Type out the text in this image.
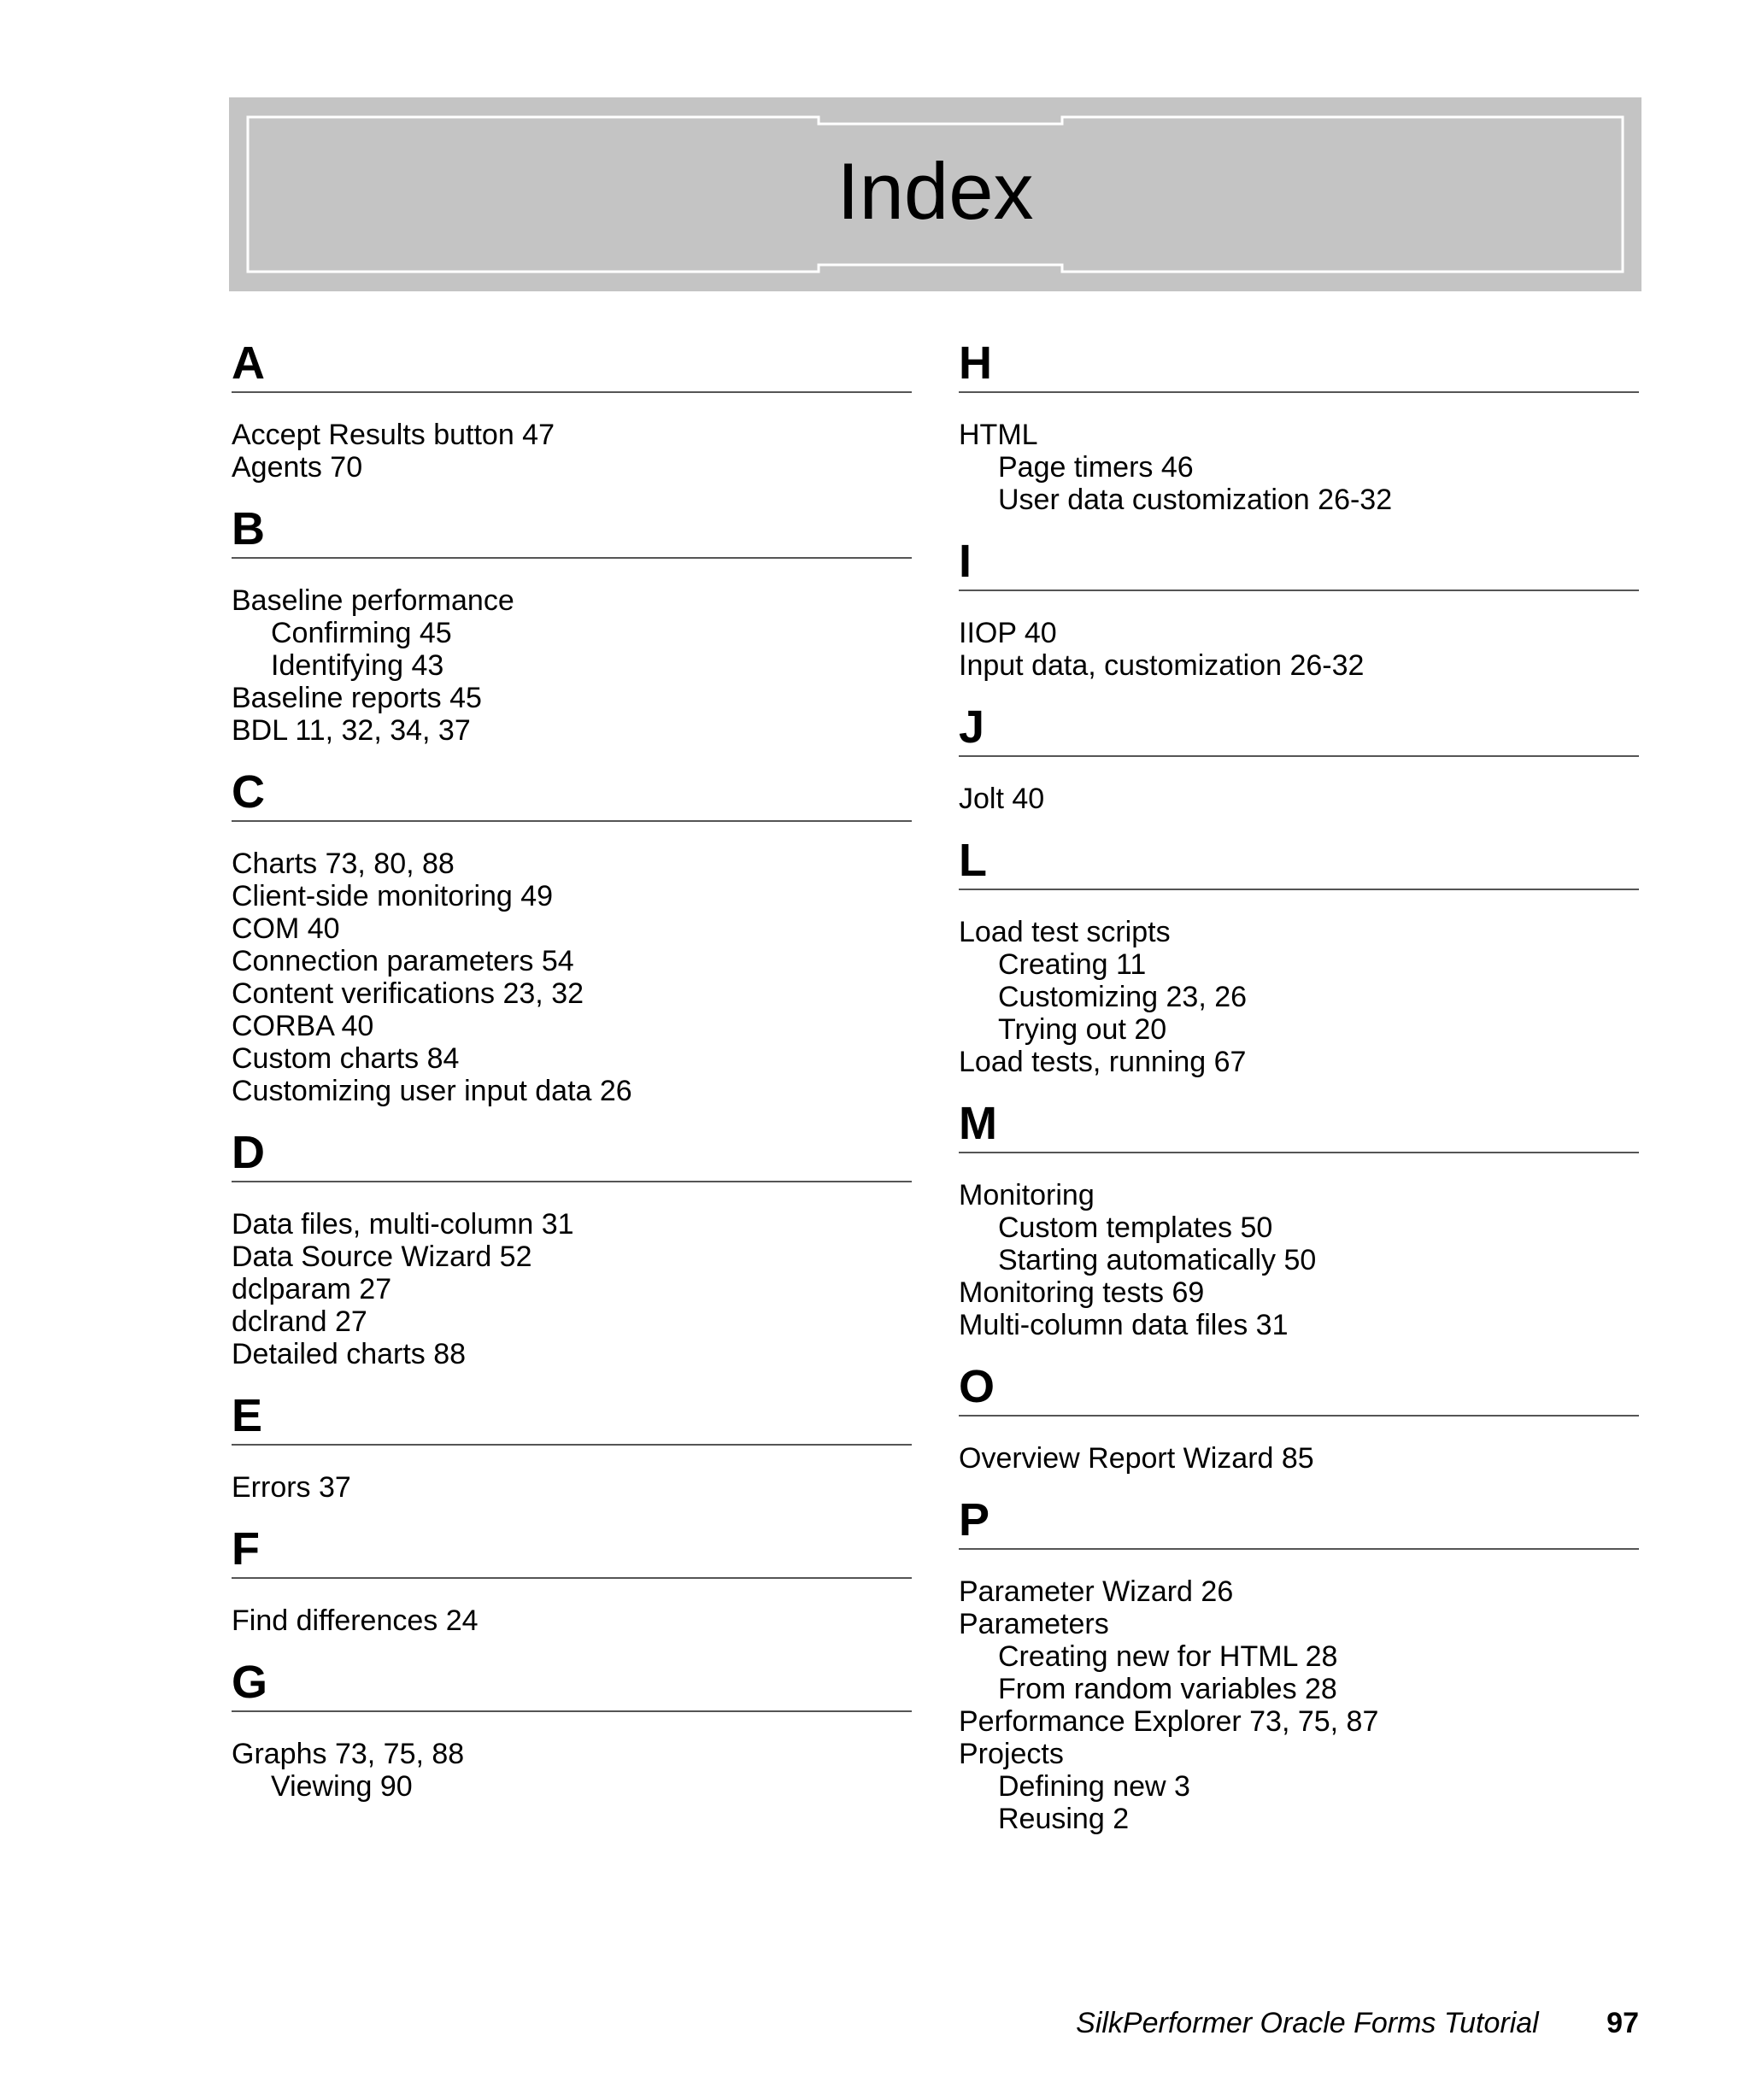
Index
A
Accept Results button 47
Agents 70
B
Baseline performance
Confirming 45
Identifying 43
Baseline reports 45
BDL 11, 32, 34, 37
C
Charts 73, 80, 88
Client-side monitoring 49
COM 40
Connection parameters 54
Content verifications 23, 32
CORBA 40
Custom charts 84
Customizing user input data 26
D
Data files, multi-column 31
Data Source Wizard 52
dclparam 27
dclrand 27
Detailed charts 88
E
Errors 37
F
Find differences 24
G
Graphs 73, 75, 88
Viewing 90
H
HTML
Page timers 46
User data customization 26-32
I
IIOP 40
Input data, customization 26-32
J
Jolt 40
L
Load test scripts
Creating 11
Customizing 23, 26
Trying out 20
Load tests, running 67
M
Monitoring
Custom templates 50
Starting automatically 50
Monitoring tests 69
Multi-column data files 31
O
Overview Report Wizard 85
P
Parameter Wizard 26
Parameters
Creating new for HTML 28
From random variables 28
Performance Explorer 73, 75, 87
Projects
Defining new 3
Reusing 2
SilkPerformer Oracle Forms Tutorial 97
